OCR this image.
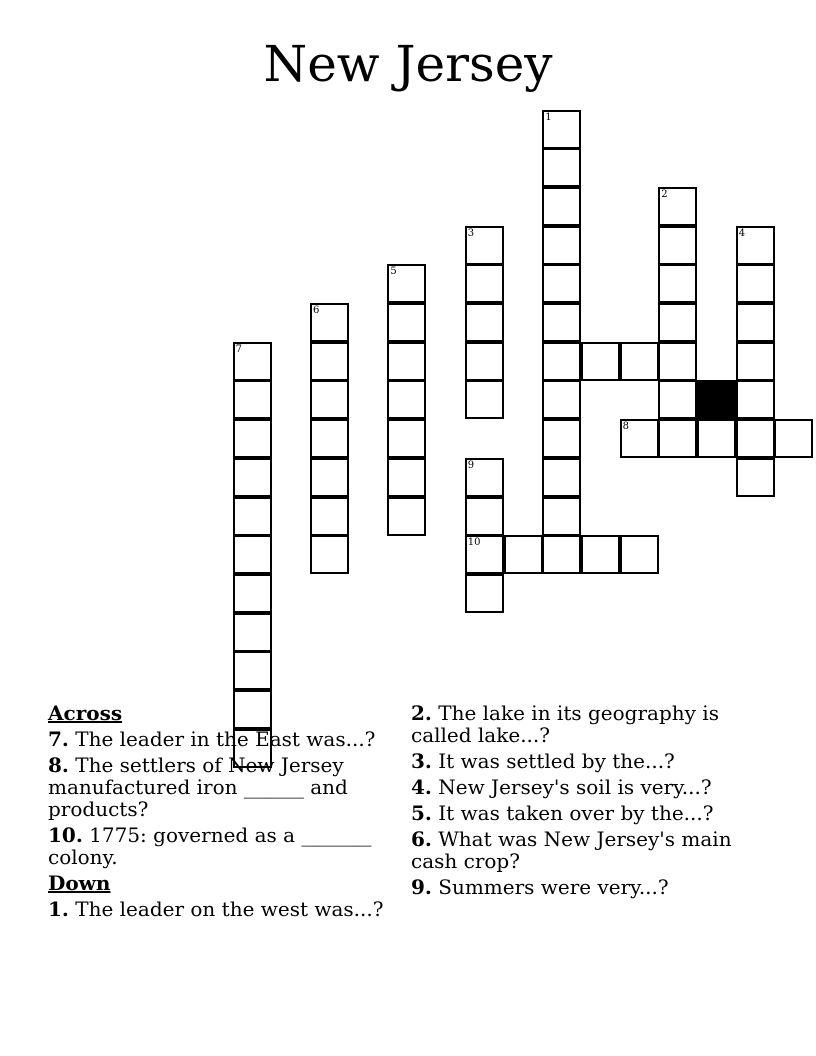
New Jersey
1
2
4
3
5
6
7
8
9
10
Across
7. The leader in the East was...?
8. The settlers of New Jersey manufactured iron ______ and products?
10. 1775: governed as a _______ colony.
Down
1. The leader on the west was...?
2. The lake in its geography is called lake...?
3. It was settled by the...?
4. New Jersey's soil is very...?
5. It was taken over by the...?
6. What was New Jersey's main cash crop?
9. Summers were very...?
